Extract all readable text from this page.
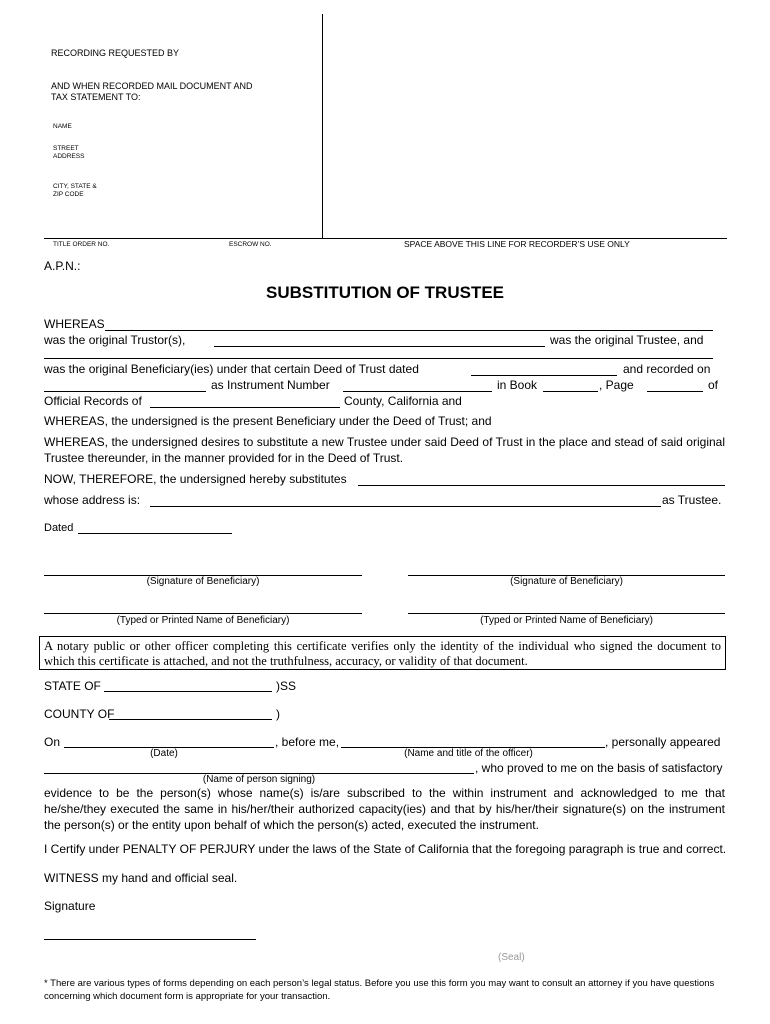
RECORDING REQUESTED BY
AND WHEN RECORDED MAIL DOCUMENT AND
TAX STATEMENT TO:
NAME
STREET
ADDRESS
CITY, STATE &
ZIP CODE
TITLE ORDER NO.	ESCROW NO.	SPACE ABOVE THIS LINE FOR RECORDER’S USE ONLY
A.P.N.:
SUBSTITUTION OF TRUSTEE
WHEREAS
was the original Trustor(s),	was the original Trustee, and
was the original Beneficiary(ies) under that certain Deed of Trust dated	and recorded on
as Instrument Number	in Book	, Page	of
Official Records of	County, California and
WHEREAS, the undersigned is the present Beneficiary under the Deed of Trust; and
WHEREAS, the undersigned desires to substitute a new Trustee under said Deed of Trust in the place and stead of said original Trustee thereunder, in the manner provided for in the Deed of Trust.
NOW, THEREFORE, the undersigned hereby substitutes
whose address is:	as Trustee.
Dated
(Signature of Beneficiary)	(Signature of Beneficiary)
(Typed or Printed Name of Beneficiary)	(Typed or Printed Name of Beneficiary)
A notary public or other officer completing this certificate verifies only the identity of the individual who signed the document to which this certificate is attached, and not the truthfulness, accuracy, or validity of that document.
STATE OF	)SS
COUNTY OF	)
On
(Date)
, before me,
(Name and title of the officer)
, personally appeared
, who proved to me on the basis of satisfactory
(Name of person signing)
evidence to be the person(s) whose name(s) is/are subscribed to the within instrument and acknowledged to me that he/she/they executed the same in his/her/their authorized capacity(ies) and that by his/her/their signature(s) on the instrument the person(s) or the entity upon behalf of which the person(s) acted, executed the instrument.
I Certify under PENALTY OF PERJURY under the laws of the State of California that the foregoing paragraph is true and correct.
WITNESS my hand and official seal.
Signature
(Seal)
* There are various types of forms depending on each person’s legal status. Before you use this form you may want to consult an attorney if you have questions concerning which document form is appropriate for your transaction.
